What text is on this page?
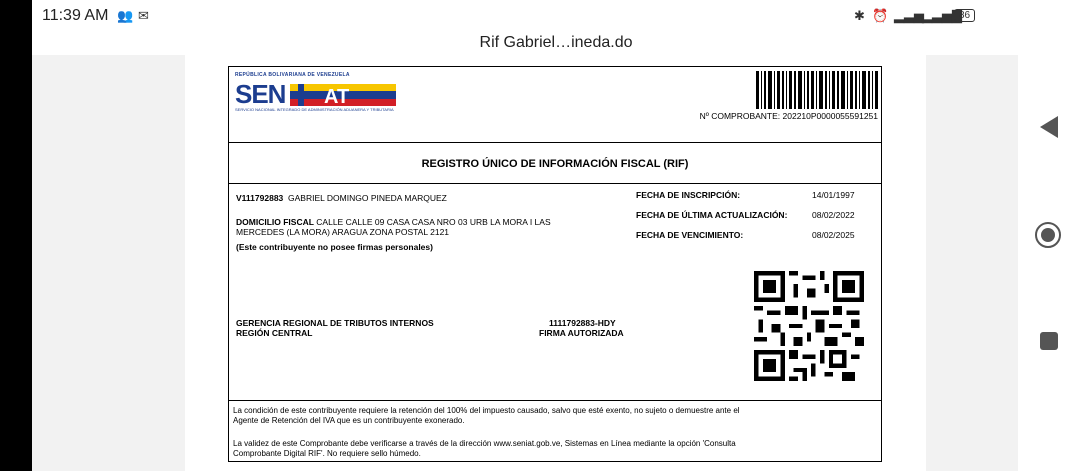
11:39 AM 👥 ✉	✱ ⏰ ▂▃▅
▂▃▅▇
86
Rif Gabriel…ineda.do
REPÚBLICA BOLIVARIANA DE VENEZUELA
SEN AT
SERVICIO NACIONAL INTEGRADO DE ADMINISTRACIÓN ADUANERA Y TRIBUTARIA
Nº COMPROBANTE: 202210P0000055591251
REGISTRO ÚNICO DE INFORMACIÓN FISCAL (RIF)
V111792883 GABRIEL DOMINGO PINEDA MARQUEZ
DOMICILIO FISCAL CALLE CALLE 09 CASA CASA NRO 03 URB LA MORA I LAS
MERCEDES (LA MORA) ARAGUA ZONA POSTAL 2121
(Este contribuyente no posee firmas personales)
FECHA DE INSCRIPCIÓN:	14/01/1997
FECHA DE ÚLTIMA ACTUALIZACIÓN:	08/02/2022
FECHA DE VENCIMIENTO:	08/02/2025
GERENCIA REGIONAL DE TRIBUTOS INTERNOS
REGIÓN CENTRAL
1111792883-HDY
FIRMA AUTORIZADA
La condición de este contribuyente requiere la retención del 100% del impuesto causado, salvo que esté exento, no sujeto o demuestre ante el
Agente de Retención del IVA que es un contribuyente exonerado.
La validez de este Comprobante debe verificarse a través de la dirección www.seniat.gob.ve, Sistemas en Línea mediante la opción 'Consulta
Comprobante Digital RIF'. No requiere sello húmedo.
